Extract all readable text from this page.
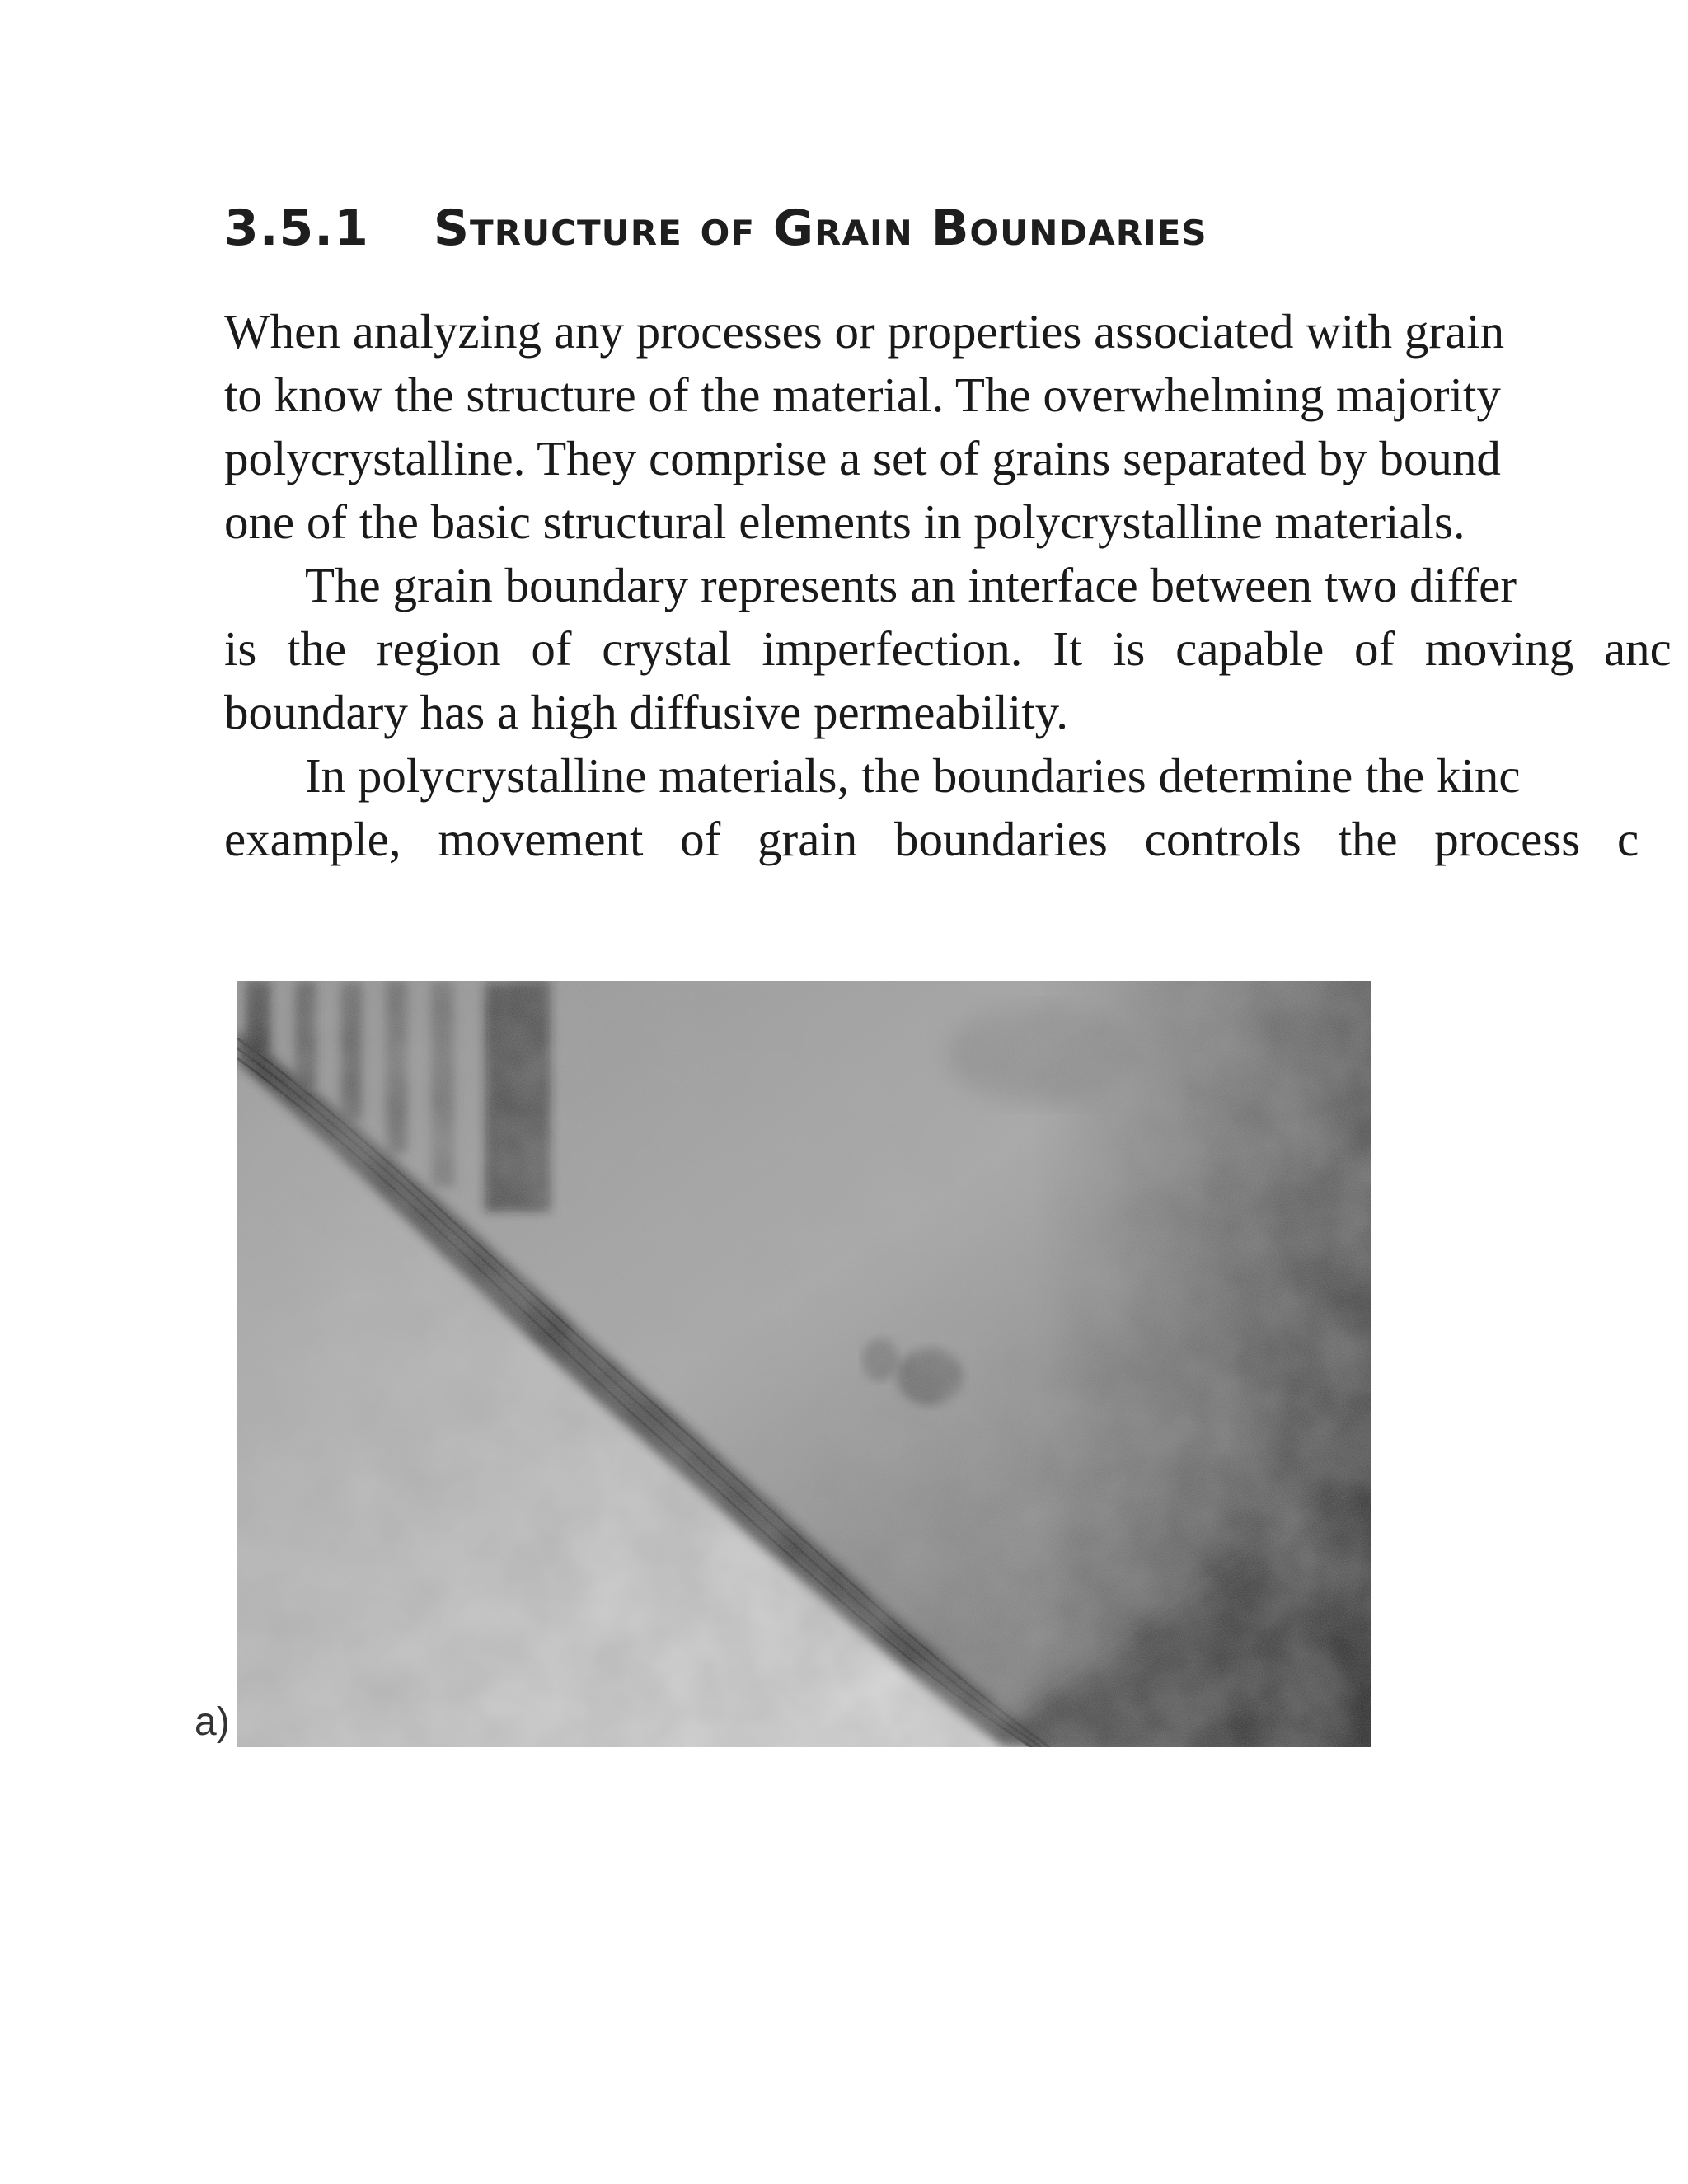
3.5.1 Structure of Grain Boundaries
When analyzing any processes or properties associated with grain
to know the structure of the material. The overwhelming majority
polycrystalline. They comprise a set of grains separated by bound
one of the basic structural elements in polycrystalline materials.
The grain boundary represents an interface between two differ
is the region of crystal imperfection. It is capable of moving anc
boundary has a high diffusive permeability.
In polycrystalline materials, the boundaries determine the kinc
example, movement of grain boundaries controls the process c
a)
